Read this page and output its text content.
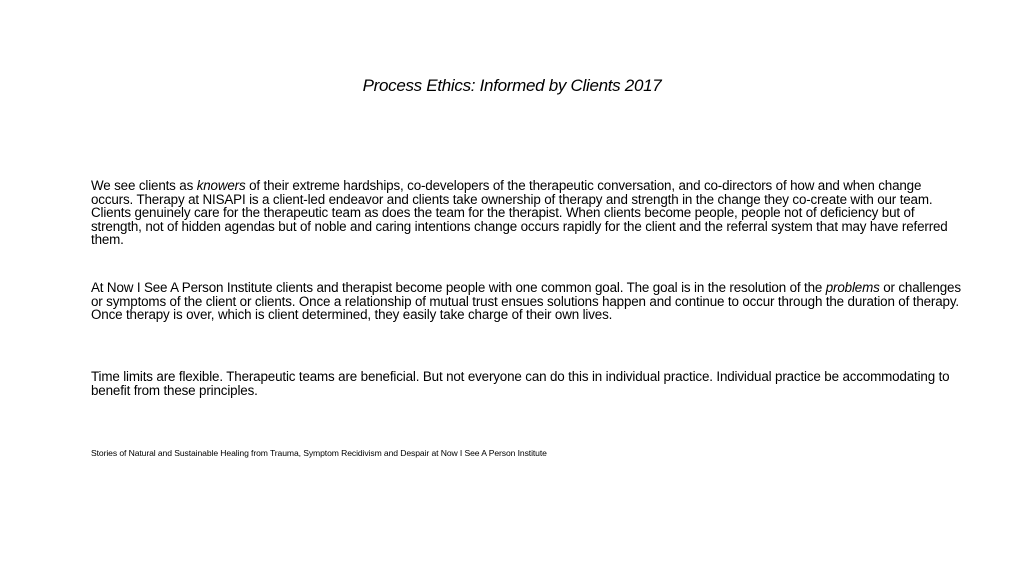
Process Ethics: Informed by Clients 2017
We see clients as knowers of their extreme hardships, co-developers of the therapeutic conversation, and co-directors of how and when change occurs. Therapy at NISAPI is a client-led endeavor and clients take ownership of therapy and strength in the change they co-create with our team. Clients genuinely care for the therapeutic team as does the team for the therapist. When clients become people, people not of deficiency but of strength, not of hidden agendas but of noble and caring intentions change occurs rapidly for the client and the referral system that may have referred them.
At Now I See A Person Institute clients and therapist become people with one common goal. The goal is in the resolution of the problems or challenges or symptoms of the client or clients. Once a relationship of mutual trust ensues solutions happen and continue to occur through the duration of therapy. Once therapy is over, which is client determined, they easily take charge of their own lives.
Time limits are flexible. Therapeutic teams are beneficial. But not everyone can do this in individual practice. Individual practice be accommodating to benefit from these principles.
Stories of Natural and Sustainable Healing from Trauma, Symptom Recidivism and Despair at Now I See A Person Institute
